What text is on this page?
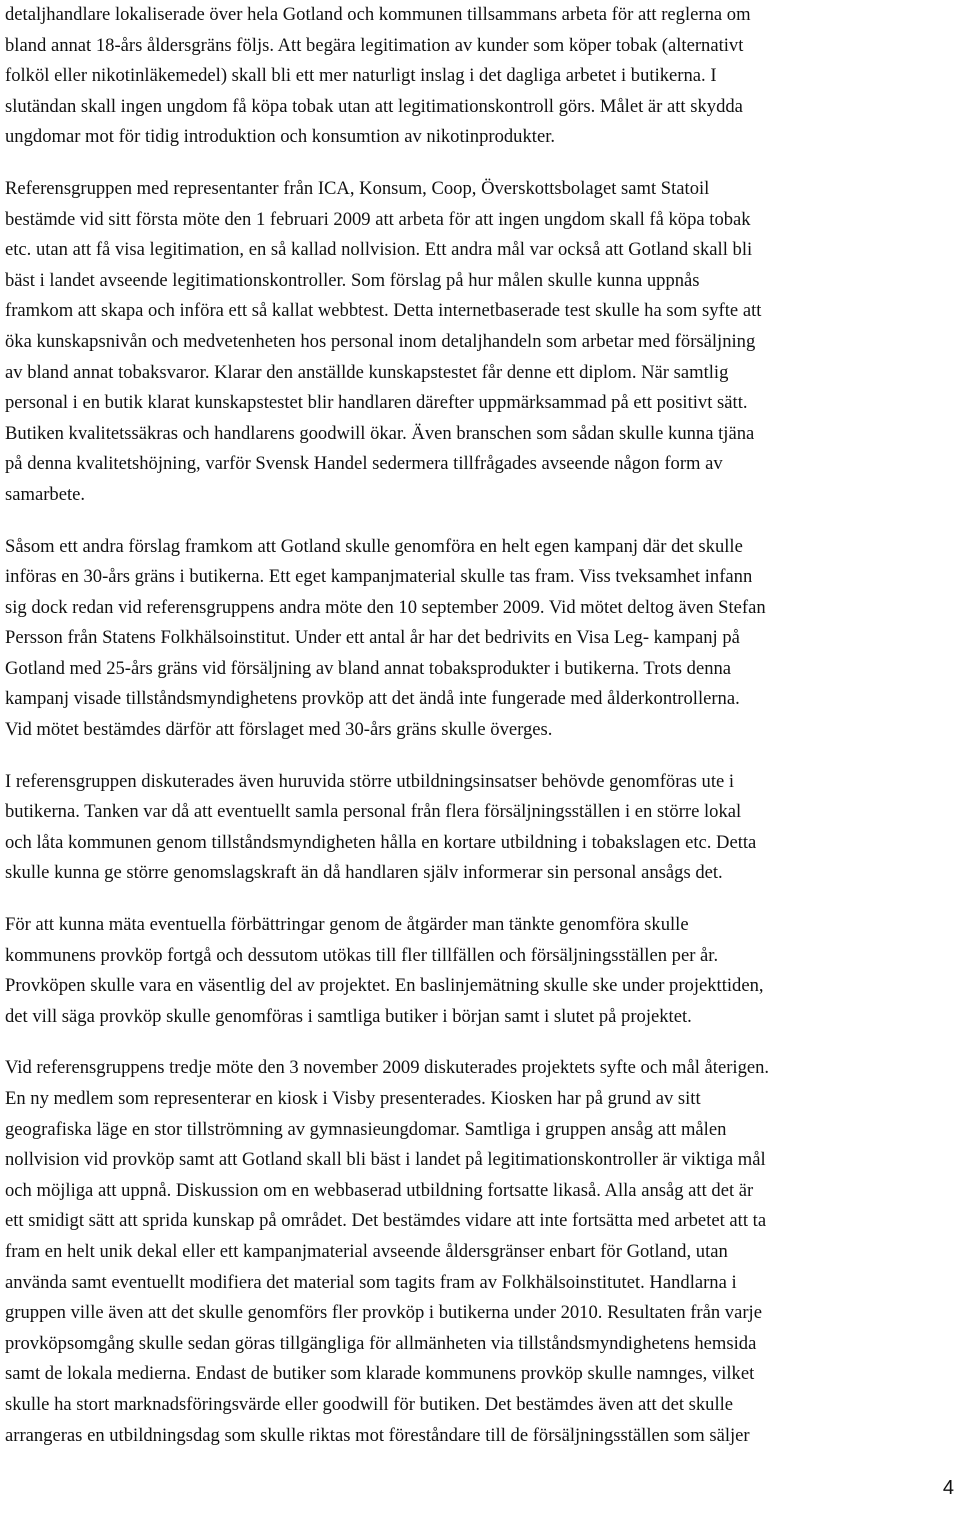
detaljhandlare lokaliserade över hela Gotland och kommunen tillsammans arbeta för att reglerna om
bland annat 18-års åldersgräns följs. Att begära legitimation av kunder som köper tobak (alternativt
folköl eller nikotinläkemedel) skall bli ett mer naturligt inslag i det dagliga arbetet i butikerna. I
slutändan skall ingen ungdom få köpa tobak utan att legitimationskontroll görs. Målet är att skydda
ungdomar mot för tidig introduktion och konsumtion av nikotinprodukter.

Referensgruppen med representanter från ICA, Konsum, Coop, Överskottsbolaget samt Statoil
bestämde vid sitt första möte den 1 februari 2009 att arbeta för att ingen ungdom skall få köpa tobak
etc. utan att få visa legitimation, en så kallad nollvision. Ett andra mål var också att Gotland skall bli
bäst i landet avseende legitimationskontroller. Som förslag på hur målen skulle kunna uppnås
framkom att skapa och införa ett så kallat webbtest. Detta internetbaserade test skulle ha som syfte att
öka kunskapsnivån och medvetenheten hos personal inom detaljhandeln som arbetar med försäljning
av bland annat tobaksvaror. Klarar den anställde kunskapstestet får denne ett diplom. När samtlig
personal i en butik klarat kunskapstestet blir handlaren därefter uppmärksammad på ett positivt sätt.
Butiken kvalitetssäkras och handlarens goodwill ökar. Även branschen som sådan skulle kunna tjäna
på denna kvalitetshöjning, varför Svensk Handel sedermera tillfrågades avseende någon form av
samarbete.

Såsom ett andra förslag framkom att Gotland skulle genomföra en helt egen kampanj där det skulle
införas en 30-års gräns i butikerna. Ett eget kampanjmaterial skulle tas fram. Viss tveksamhet infann
sig dock redan vid referensgruppens andra möte den 10 september 2009. Vid mötet deltog även Stefan
Persson från Statens Folkhälsoinstitut. Under ett antal år har det bedrivits en Visa Leg- kampanj på
Gotland med 25-års gräns vid försäljning av bland annat tobaksprodukter i butikerna. Trots denna
kampanj visade tillståndsmyndighetens provköp att det ändå inte fungerade med ålderkontrollerna.
Vid mötet bestämdes därför att förslaget med 30-års gräns skulle överges.

I referensgruppen diskuterades även huruvida större utbildningsinsatser behövde genomföras ute i
butikerna. Tanken var då att eventuellt samla personal från flera försäljningsställen i en större lokal
och låta kommunen genom tillståndsmyndigheten hålla en kortare utbildning i tobakslagen etc. Detta
skulle kunna ge större genomslagskraft än då handlaren själv informerar sin personal ansågs det.

För att kunna mäta eventuella förbättringar genom de åtgärder man tänkte genomföra skulle
kommunens provköp fortgå och dessutom utökas till fler tillfällen och försäljningsställen per år.
Provköpen skulle vara en väsentlig del av projektet. En baslinjemätning skulle ske under projekttiden,
det vill säga provköp skulle genomföras i samtliga butiker i början samt i slutet på projektet.

Vid referensgruppens tredje möte den 3 november 2009 diskuterades projektets syfte och mål återigen.
En ny medlem som representerar en kiosk i Visby presenterades. Kiosken har på grund av sitt
geografiska läge en stor tillströmning av gymnasieungdomar. Samtliga i gruppen ansåg att målen
nollvision vid provköp samt att Gotland skall bli bäst i landet på legitimationskontroller är viktiga mål
och möjliga att uppnå. Diskussion om en webbaserad utbildning fortsatte likaså. Alla ansåg att det är
ett smidigt sätt att sprida kunskap på området. Det bestämdes vidare att inte fortsätta med arbetet att ta
fram en helt unik dekal eller ett kampanjmaterial avseende åldersgränser enbart för Gotland, utan
använda samt eventuellt modifiera det material som tagits fram av Folkhälsoinstitutet. Handlarna i
gruppen ville även att det skulle genomförs fler provköp i butikerna under 2010. Resultaten från varje
provköpsomgång skulle sedan göras tillgängliga för allmänheten via tillståndsmyndighetens hemsida
samt de lokala medierna. Endast de butiker som klarade kommunens provköp skulle namnges, vilket
skulle ha stort marknadsföringsvärde eller goodwill för butiken. Det bestämdes även att det skulle
arrangeras en utbildningsdag som skulle riktas mot föreståndare till de försäljningsställen som säljer

4
